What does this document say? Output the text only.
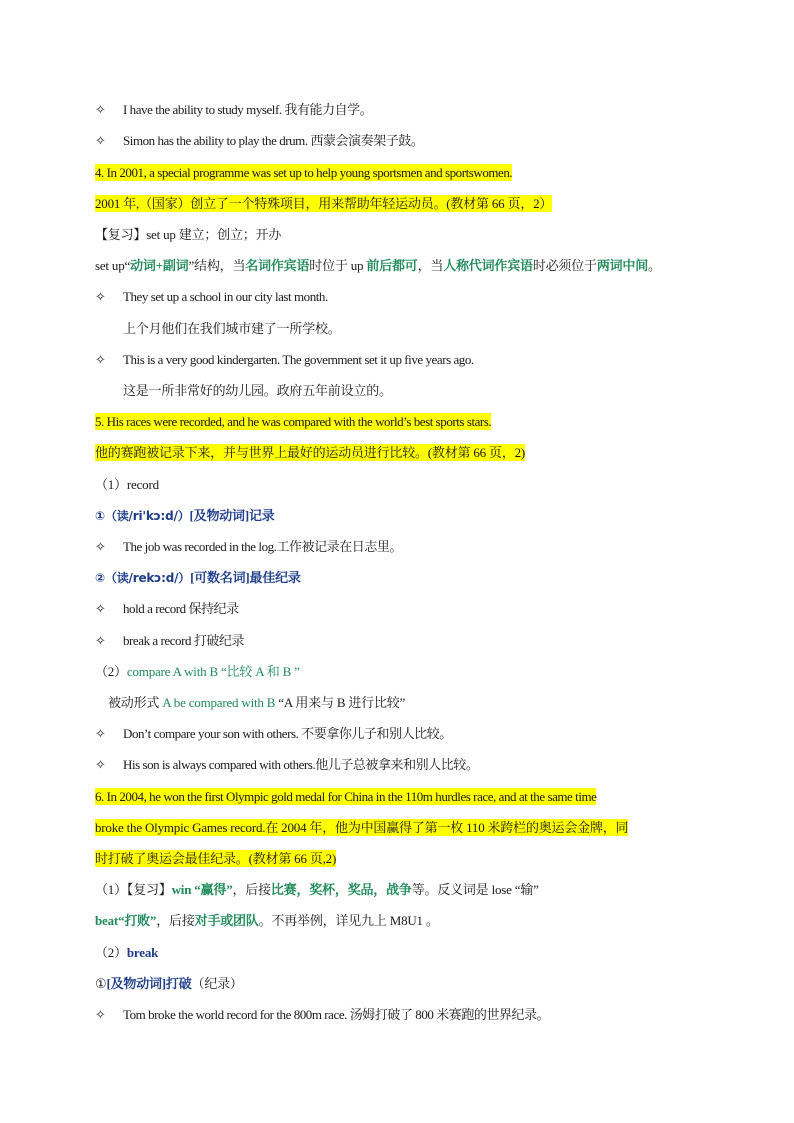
✧ I have the ability to study myself. 我有能力自学。
✧ Simon has the ability to play the drum. 西蒙会演奏架子鼓。
4. In 2001, a special programme was set up to help young sportsmen and sportswomen.
2001 年,（国家）创立了一个特殊项目，用来帮助年轻运动员。(教材第 66 页，2）
【复习】set up 建立；创立；开办
set up“动词+副词”结构，当名词作宾语时位于 up 前后都可，当人称代词作宾语时必须位于两词中间。
✧ They set up a school in our city last month.
上个月他们在我们城市建了一所学校。
✧ This is a very good kindergarten. The government set it up five years ago.
这是一所非常好的幼儿园。政府五年前设立的。
5. His races were recorded, and he was compared with the world’s best sports stars.
他的赛跑被记录下来，并与世界上最好的运动员进行比较。(教材第 66 页，2)
（1）record
①（读/ri'kɔ:d/）[及物动词]记录
✧ The job was recorded in the log.工作被记录在日志里。
②（读/rekɔ:d/）[可数名词]最佳纪录
✧ hold a record 保持纪录
✧ break a record 打破纪录
（2）compare A with B “比较 A 和 B ”
被动形式 A be compared with B “A 用来与 B 进行比较”
✧ Don’t compare your son with others. 不要拿你儿子和别人比较。
✧ His son is always compared with others.他儿子总被拿来和别人比较。
6. In 2004, he won the first Olympic gold medal for China in the 110m hurdles race, and at the same time
broke the Olympic Games record.在 2004 年，他为中国赢得了第一枚 110 米跨栏的奥运会金牌，同
时打破了奥运会最佳纪录。(教材第 66 页,2)
（1）【复习】win “赢得”，后接比赛，奖杯，奖品，战争等。反义词是 lose “输”
beat“打败”，后接对手或团队。不再举例，详见九上 M8U1 。
（2）break
①[及物动词]打破（纪录）
✧ Tom broke the world record for the 800m race. 汤姆打破了 800 米赛跑的世界纪录。
